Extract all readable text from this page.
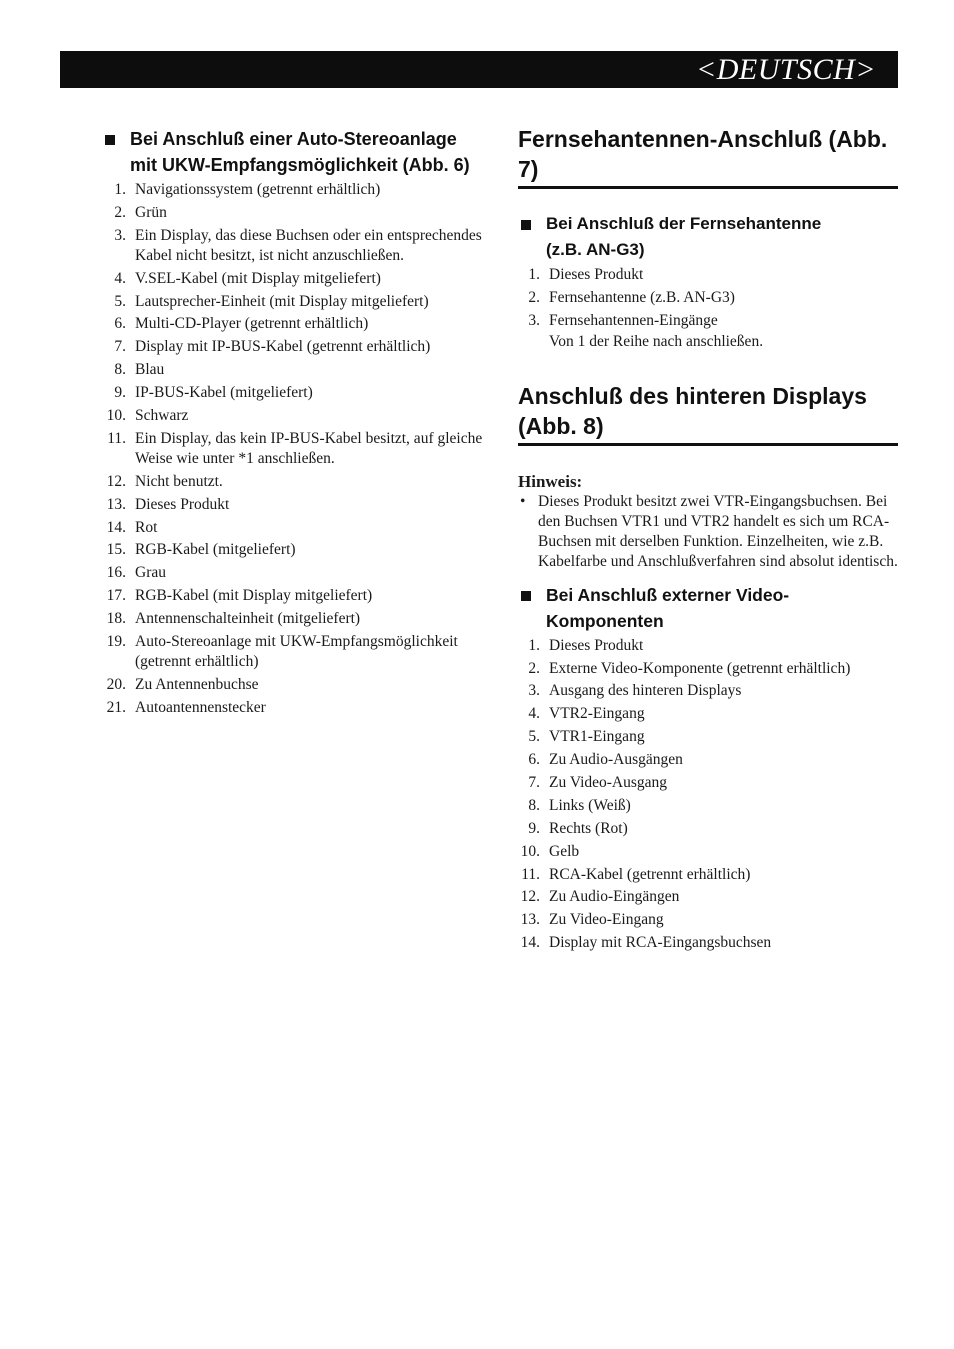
<DEUTSCH>
Bei Anschluß einer Auto-Stereoanlage
mit UKW-Empfangsmöglichkeit (Abb. 6)
1. Navigationssystem (getrennt erhältlich)
2. Grün
3. Ein Display, das diese Buchsen oder ein entsprechendes Kabel nicht besitzt, ist nicht anzuschließen.
4. V.SEL-Kabel (mit Display mitgeliefert)
5. Lautsprecher-Einheit (mit Display mitgeliefert)
6. Multi-CD-Player (getrennt erhältlich)
7. Display mit IP-BUS-Kabel (getrennt erhältlich)
8. Blau
9. IP-BUS-Kabel (mitgeliefert)
10. Schwarz
11. Ein Display, das kein IP-BUS-Kabel besitzt, auf gleiche Weise wie unter *1 anschließen.
12. Nicht benutzt.
13. Dieses Produkt
14. Rot
15. RGB-Kabel (mitgeliefert)
16. Grau
17. RGB-Kabel (mit Display mitgeliefert)
18. Antennenschalteinheit (mitgeliefert)
19. Auto-Stereoanlage mit UKW-Empfangsmöglichkeit (getrennt erhältlich)
20. Zu Antennenbuchse
21. Autoantennenstecker
Fernsehantennen-Anschluß (Abb. 7)
Bei Anschluß der Fernsehantenne
(z.B. AN-G3)
1. Dieses Produkt
2. Fernsehantenne (z.B. AN-G3)
3. Fernsehantennen-Eingänge
Von 1 der Reihe nach anschließen.
Anschluß des hinteren Displays
(Abb. 8)
Hinweis:
• Dieses Produkt besitzt zwei VTR-Eingangsbuchsen. Bei den Buchsen VTR1 und VTR2 handelt es sich um RCA-Buchsen mit derselben Funktion. Einzelheiten, wie z.B. Kabelfarbe und Anschlußverfahren sind absolut identisch.
Bei Anschluß externer Video-
Komponenten
1. Dieses Produkt
2. Externe Video-Komponente (getrennt erhältlich)
3. Ausgang des hinteren Displays
4. VTR2-Eingang
5. VTR1-Eingang
6. Zu Audio-Ausgängen
7. Zu Video-Ausgang
8. Links (Weiß)
9. Rechts (Rot)
10. Gelb
11. RCA-Kabel (getrennt erhältlich)
12. Zu Audio-Eingängen
13. Zu Video-Eingang
14. Display mit RCA-Eingangsbuchsen
